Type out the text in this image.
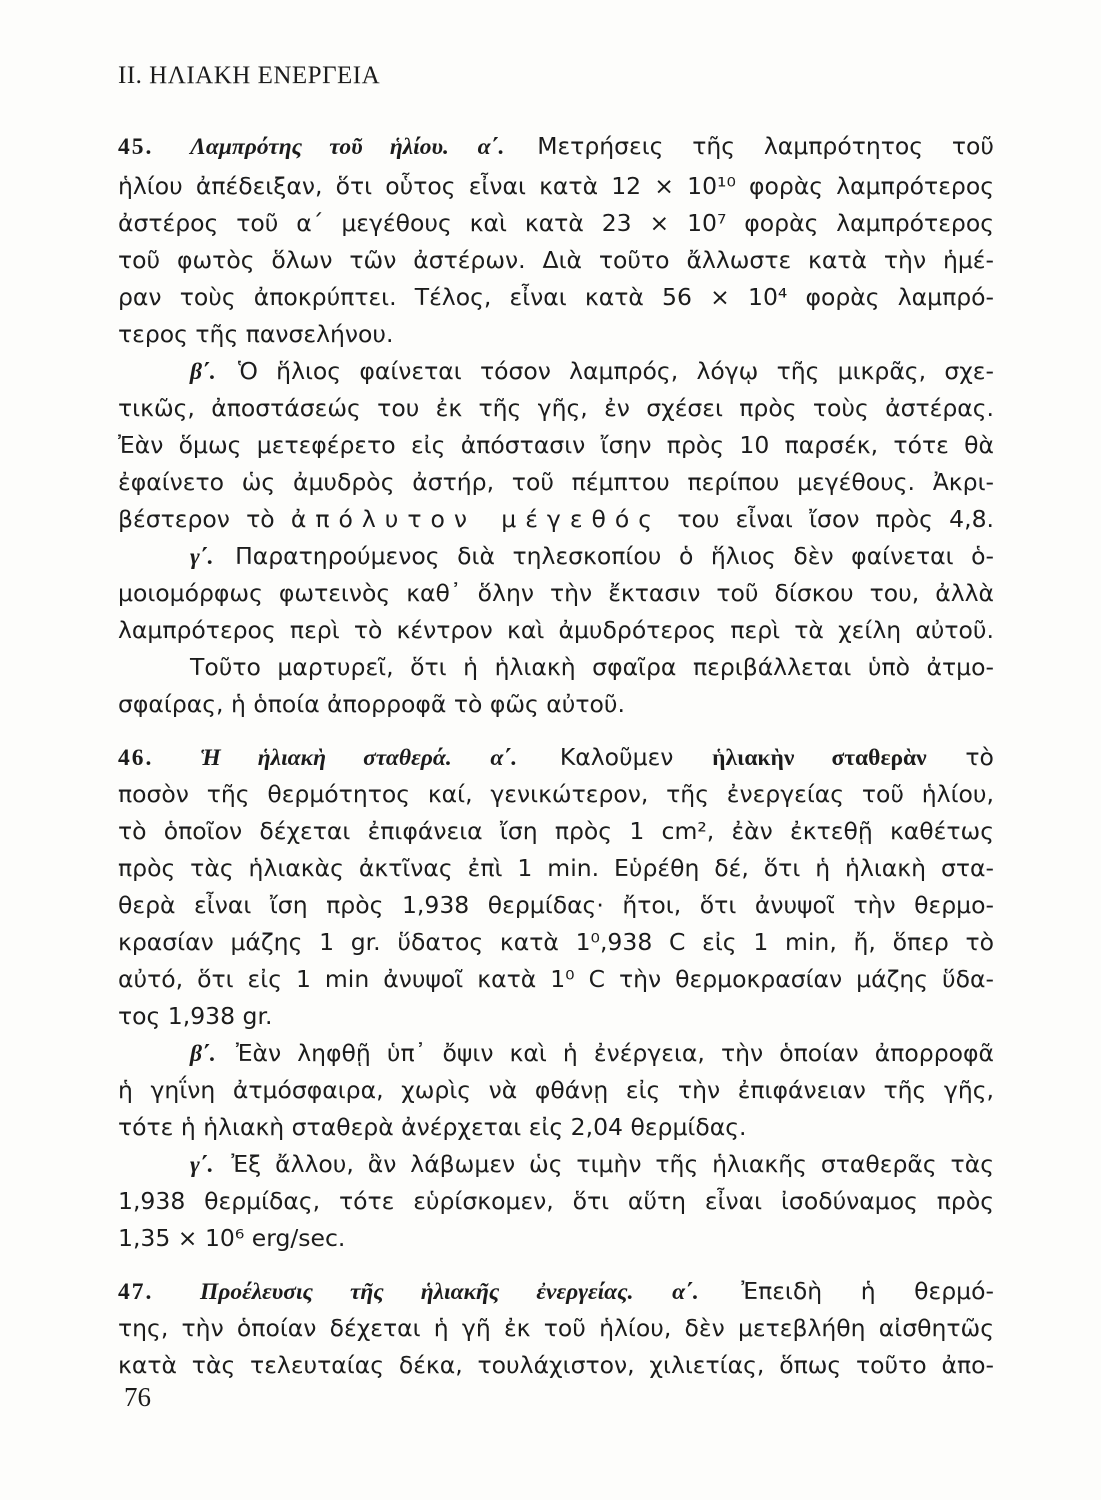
II. ΗΛΙΑΚΗ ΕΝΕΡΓΕΙΑ
45. Λαμπρότης τοῦ ἡλίου. α΄. Μετρήσεις τῆς λαμπρότητος τοῦ
ἡλίου ἀπέδειξαν, ὅτι οὗτος εἶναι κατὰ 12 × 10¹⁰ φορὰς λαμπρότερος
ἀστέρος τοῦ α΄ μεγέθους καὶ κατὰ 23 × 10⁷ φορὰς λαμπρότερος
τοῦ φωτὸς ὅλων τῶν ἀστέρων. Διὰ τοῦτο ἄλλωστε κατὰ τὴν ἡμέ-
ραν τοὺς ἀποκρύπτει. Τέλος, εἶναι κατὰ 56 × 10⁴ φορὰς λαμπρό-
τερος τῆς πανσελήνου.
β΄. Ὁ ἥλιος φαίνεται τόσον λαμπρός, λόγῳ τῆς μικρᾶς, σχε-
τικῶς, ἀποστάσεώς του ἐκ τῆς γῆς, ἐν σχέσει πρὸς τοὺς ἀστέρας.
Ἐὰν ὅμως μετεφέρετο εἰς ἀπόστασιν ἴσην πρὸς 10 παρσέκ, τότε θὰ
ἐφαίνετο ὡς ἀμυδρὸς ἀστήρ, τοῦ πέμπτου περίπου μεγέθους. Ἀκρι-
βέστερον τὸ ἀπόλυτον μέγεθός του εἶναι ἴσον πρὸς 4,8.
γ΄. Παρατηρούμενος διὰ τηλεσκοπίου ὁ ἥλιος δὲν φαίνεται ὁ-
μοιομόρφως φωτεινὸς καθ᾽ ὅλην τὴν ἔκτασιν τοῦ δίσκου του, ἀλλὰ
λαμπρότερος περὶ τὸ κέντρον καὶ ἀμυδρότερος περὶ τὰ χείλη αὐτοῦ.
Τοῦτο μαρτυρεῖ, ὅτι ἡ ἡλιακὴ σφαῖρα περιβάλλεται ὑπὸ ἀτμο-
σφαίρας, ἡ ὁποία ἀπορροφᾶ τὸ φῶς αὐτοῦ.
46. Ἡ ἡλιακὴ σταθερά. α΄. Καλοῦμεν ἡλιακὴν σταθερὰν τὸ
ποσὸν τῆς θερμότητος καί, γενικώτερον, τῆς ἐνεργείας τοῦ ἡλίου,
τὸ ὁποῖον δέχεται ἐπιφάνεια ἴση πρὸς 1 cm², ἐὰν ἐκτεθῇ καθέτως
πρὸς τὰς ἡλιακὰς ἀκτῖνας ἐπὶ 1 min. Εὑρέθη δέ, ὅτι ἡ ἡλιακὴ στα-
θερὰ εἶναι ἴση πρὸς 1,938 θερμίδας· ἤτοι, ὅτι ἀνυψοῖ τὴν θερμο-
κρασίαν μάζης 1 gr. ὕδατος κατὰ 1⁰,938 C εἰς 1 min, ἤ, ὅπερ τὸ
αὐτό, ὅτι εἰς 1 min ἀνυψοῖ κατὰ 1⁰ C τὴν θερμοκρασίαν μάζης ὕδα-
τος 1,938 gr.
β΄. Ἐὰν ληφθῇ ὑπ᾽ ὄψιν καὶ ἡ ἐνέργεια, τὴν ὁποίαν ἀπορροφᾶ
ἡ γηΐνη ἀτμόσφαιρα, χωρὶς νὰ φθάνῃ εἰς τὴν ἐπιφάνειαν τῆς γῆς,
τότε ἡ ἡλιακὴ σταθερὰ ἀνέρχεται εἰς 2,04 θερμίδας.
γ΄. Ἐξ ἄλλου, ἂν λάβωμεν ὡς τιμὴν τῆς ἡλιακῆς σταθερᾶς τὰς
1,938 θερμίδας, τότε εὑρίσκομεν, ὅτι αὕτη εἶναι ἰσοδύναμος πρὸς
1,35 × 10⁶ erg/sec.
47. Προέλευσις τῆς ἡλιακῆς ἐνεργείας. α΄. Ἐπειδὴ ἡ θερμό-
της, τὴν ὁποίαν δέχεται ἡ γῆ ἐκ τοῦ ἡλίου, δὲν μετεβλήθη αἰσθητῶς
κατὰ τὰς τελευταίας δέκα, τουλάχιστον, χιλιετίας, ὅπως τοῦτο ἀπο-
76
